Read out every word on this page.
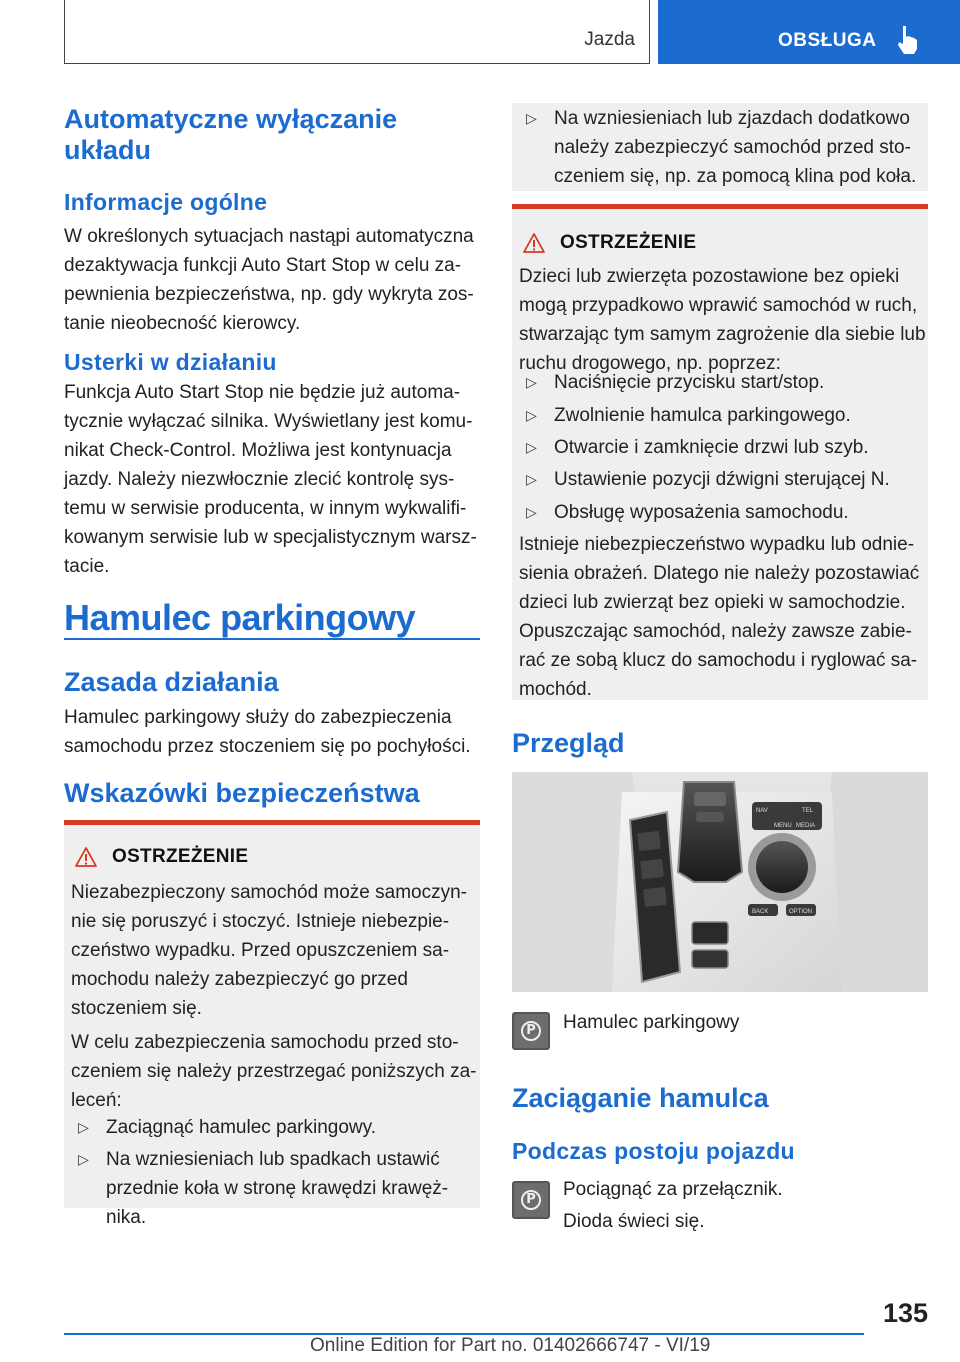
Jazda	OBSŁUGA
Automatyczne wyłączanie
układu
Informacje ogólne
W określonych sytuacjach nastąpi automatyczna
dezaktywacja funkcji Auto Start Stop w celu za-
pewnienia bezpieczeństwa, np. gdy wykryta zos-
tanie nieobecność kierowcy.
Usterki w działaniu
Funkcja Auto Start Stop nie będzie już automa-
tycznie wyłączać silnika. Wyświetlany jest komu-
nikat Check-Control. Możliwa jest kontynuacja
jazdy. Należy niezwłocznie zlecić kontrolę sys-
temu w serwisie producenta, w innym wykwalifi-
kowanym serwisie lub w specjalistycznym warsz-
tacie.
Hamulec parkingowy
Zasada działania
Hamulec parkingowy służy do zabezpieczenia
samochodu przez stoczeniem się po pochyłości.
Wskazówki bezpieczeństwa
OSTRZEŻENIE
Niezabezpieczony samochód może samoczyn-
nie się poruszyć i stoczyć. Istnieje niebezpie-
czeństwo wypadku. Przed opuszczeniem sa-
mochodu należy zabezpieczyć go przed
stoczeniem się.
W celu zabezpieczenia samochodu przed sto-
czeniem się należy przestrzegać poniższych za-
leceń:
▷ Zaciągnąć hamulec parkingowy.
▷ Na wzniesieniach lub spadkach ustawić
przednie koła w stronę krawędzi krawęż-
nika.
▷ Na wzniesieniach lub zjazdach dodatkowo
należy zabezpieczyć samochód przed sto-
czeniem się, np. za pomocą klina pod koła.
OSTRZEŻENIE
Dzieci lub zwierzęta pozostawione bez opieki
mogą przypadkowo wprawić samochód w ruch,
stwarzając tym samym zagrożenie dla siebie lub
ruchu drogowego, np. poprzez:
▷ Naciśnięcie przycisku start/stop.
▷ Zwolnienie hamulca parkingowego.
▷ Otwarcie i zamknięcie drzwi lub szyb.
▷ Ustawienie pozycji dźwigni sterującej N.
▷ Obsługę wyposażenia samochodu.
Istnieje niebezpieczeństwo wypadku lub odnie-
sienia obrażeń. Dlatego nie należy pozostawiać
dzieci lub zwierząt bez opieki w samochodzie.
Opuszczając samochód, należy zawsze zabie-
rać ze sobą klucz do samochodu i ryglować sa-
mochód.
Przegląd
MENU MEDIA
NAV	TEL
BACK	OPTION
P	Hamulec parkingowy
Zaciąganie hamulca
Podczas postoju pojazdu
P	Pociągnąć za przełącznik.
Dioda świeci się.
135
Online Edition for Part no. 01402666747 - VI/19
